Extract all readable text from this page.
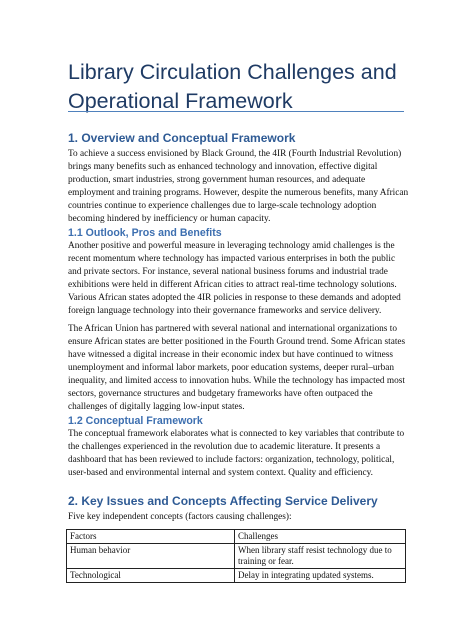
Library Circulation Challenges and
Operational Framework
1. Overview and Conceptual Framework

To achieve a success envisioned by Black Ground, the 4IR (Fourth Industrial Revolution)

brings many benefits such as enhanced technology and innovation, effective digital

production, smart industries, strong government human resources, and adequate

employment and training programs. However, despite the numerous benefits, many African

countries continue to experience challenges due to large-scale technology adoption

becoming hindered by inefficiency or human capacity.

1.1 Outlook, Pros and Benefits

Another positive and powerful measure in leveraging technology amid challenges is the

recent momentum where technology has impacted various enterprises in both the public

and private sectors. For instance, several national business forums and industrial trade

exhibitions were held in different African cities to attract real-time technology solutions.

Various African states adopted the 4IR policies in response to these demands and adopted

foreign language technology into their governance frameworks and service delivery.

The African Union has partnered with several national and international organizations to

ensure African states are better positioned in the Fourth Ground trend. Some African states

have witnessed a digital increase in their economic index but have continued to witness

unemployment and informal labor markets, poor education systems, deeper rural–urban

inequality, and limited access to innovation hubs. While the technology has impacted most

sectors, governance structures and budgetary frameworks have often outpaced the

challenges of digitally lagging low-input states.

1.2 Conceptual Framework

The conceptual framework elaborates what is connected to key variables that contribute to

the challenges experienced in the revolution due to academic literature. It presents a

dashboard that has been reviewed to include factors: organization, technology, political,

user-based and environmental internal and system context. Quality and efficiency.

2. Key Issues and Concepts Affecting Service Delivery

Five key independent concepts (factors causing challenges):

Factors	Challenges
Human behavior	When library staff resist technology due to
training or fear.
Technological	Delay in integrating updated systems.
